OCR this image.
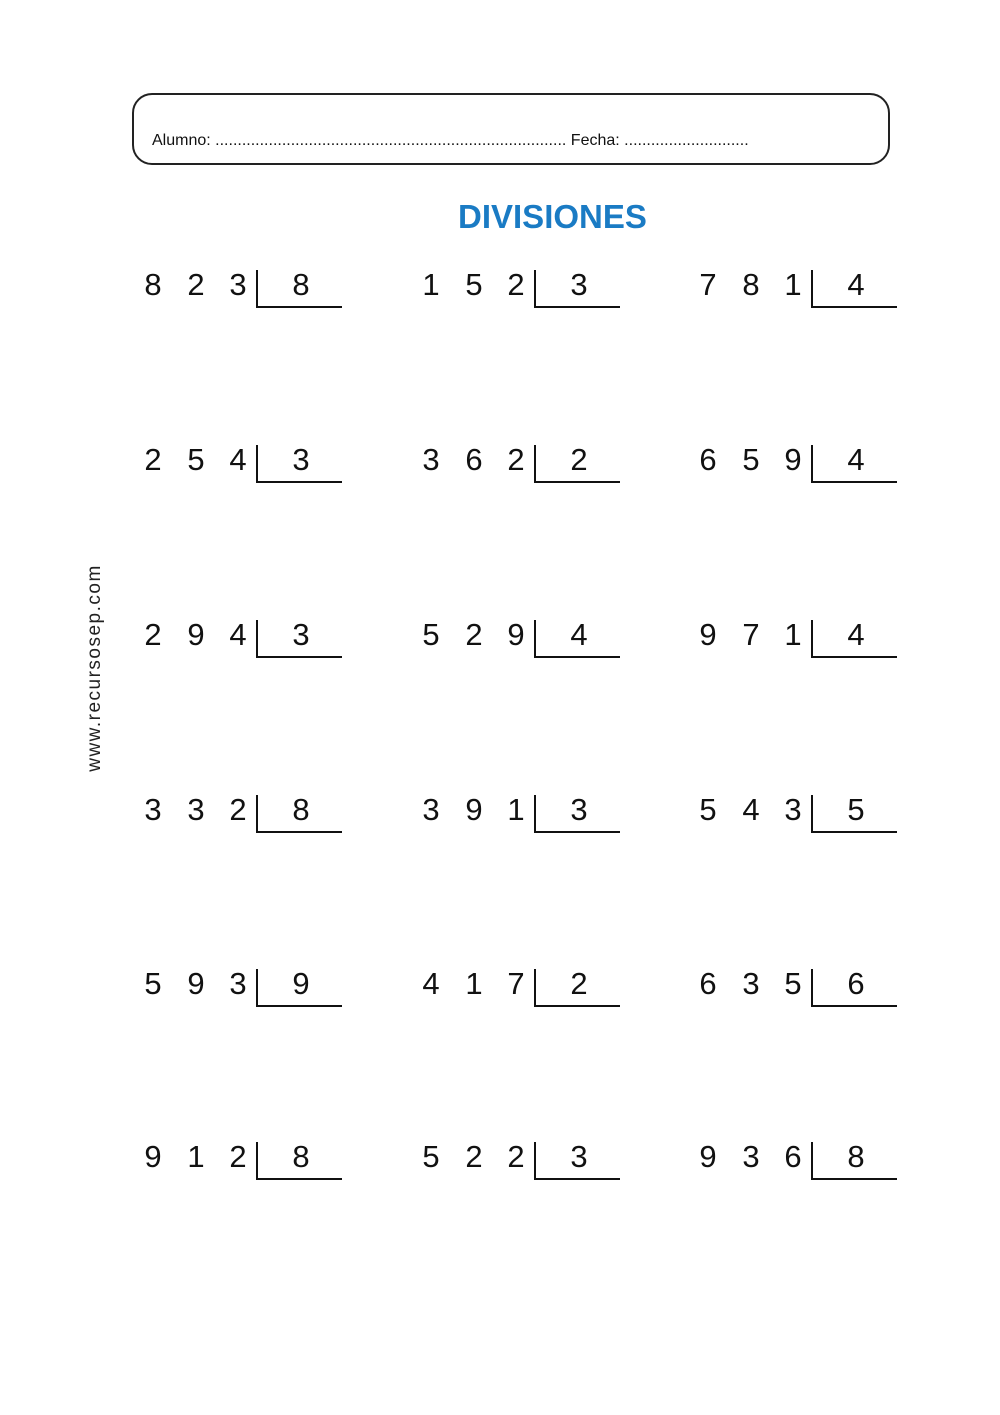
Alumno: ............................................................................... Fecha: ............................
DIVISIONES
www.recursosep.com
8 2 3 8	1 5 2 3	7 8 1 4
2 5 4 3	3 6 2 2	6 5 9 4
2 9 4 3	5 2 9 4	9 7 1 4
3 3 2 8	3 9 1 3	5 4 3 5
5 9 3 9	4 1 7 2	6 3 5 6
9 1 2 8	5 2 2 3	9 3 6 8
